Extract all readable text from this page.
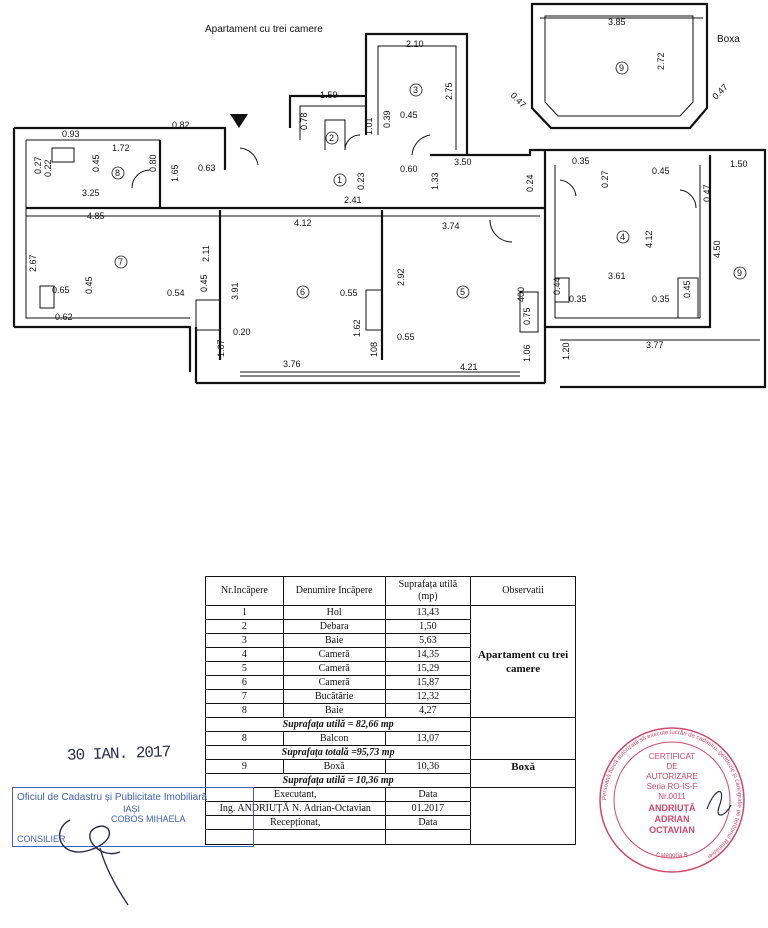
Apartament cu trei camere
Boxa
9
3
2
1
8
7
6	5
4
9
3.85
2.72
0.47	0.47
2.10
2.75
1.59
0.78	1.01 0.39 0.45
0.93
0.82
1.72
0.27 0.22	0.45	0.80
1.65 0.63
3.25
2.41
0.23
0.60
1.33
3.50
0.24	0.27
0.35
0.45
0.47
1.50
4.85
4.12	3.74
2.67
2.11
3.91
2.92
4.12
4.50
0.65 0.45	0.54
0.45
0.55
0.55
1.62
108
3.61
0.44
0.35	0.35
0.45
400
0.75
1.06
0.62
1.07
0.20
3.76	4.21
3.77
1.20
Nr.Incăpere	Denumire Incăpere	Suprafața utilă (mp)	Observatii
1	Hol	13,43	Apartament cu trei camere
2	Debara	1,50	
3	Baie	5,63	
4	Cameră	14,35	
5	Cameră	15,29	
6	Cameră	15,87	
7	Bucătărie	12,32	
8	Baie	4,27	
Suprafața utilă = 82,66 mp			
8	Balcon	13,07	
Suprafața totală =95,73 mp			
9	Boxă	10,36	Boxă
Suprafața utilă = 10,36 mp			
Executant,		Data	
Ing. ANDRIUȚĂ N. Adrian-Octavian		01.2017	
Recepționat,		Data	

30 IAN. 2017
Oficiul de Cadastru și Publicitate Imobiliară
IAȘI
COBOS MIHAELA
CONSILIER
Persoană fizică autorizată să execute lucrări de cadastru, geodezie și cartografie pe teritoriul României
CERTIFICAT
DE
AUTORIZARE
Seria RO-IS-F
Nr.0011
ANDRIUȚĂ
ADRIAN
OCTAVIAN
Categoria B
